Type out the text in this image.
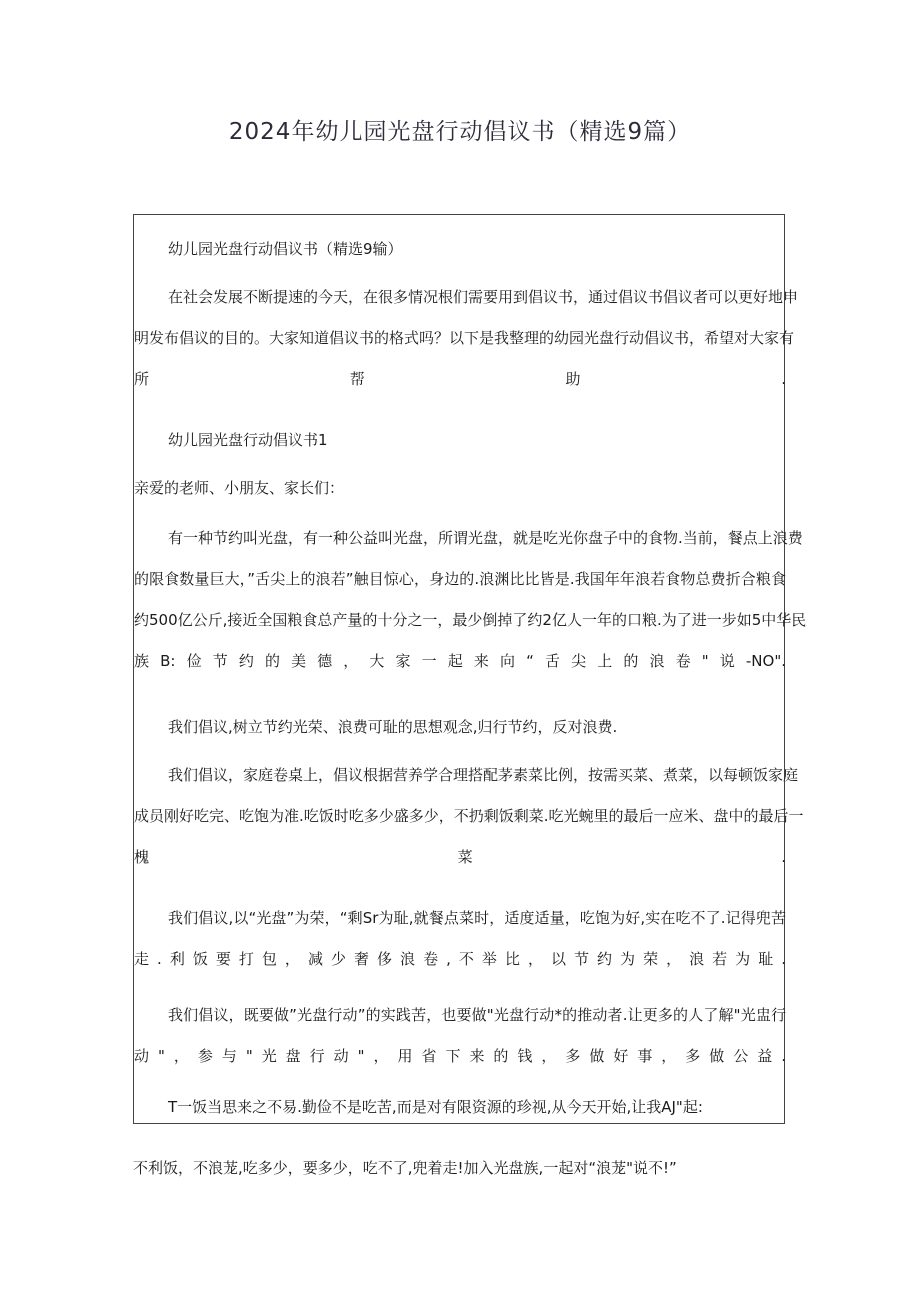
2024年幼儿园光盘行动倡议书（精选9篇）

幼儿园光盘行动倡议书（精选9输）

在社会发展不断提速的今天，在很多情况根们需要用到倡议书，通过倡议书倡议者可以更好地申
明发布倡议的目的。大家知道倡议书的格式吗？以下是我整理的幼园光盘行动倡议书，希望对大家有
所帮助.

幼儿园光盘行动倡议书1

亲爱的老师、小朋友、家长们：

有一种节约叫光盘，有一种公益叫光盘，所谓光盘，就是吃光你盘子中的食物.当前，餐点上浪费
的限食数量巨大，”舌尖上的浪若”触目惊心，身边的.浪渊比比皆是.我国年年浪若食物总费折合粮食
约500亿公斤,接近全国粮食总产量的十分之一，最少倒掉了约2亿人一年的口粮.为了进一步如5中华民
族B:俭节约的美德，大家一起来向“舌尖上的浪卷"说-NO".

我们倡议,树立节约光荣、浪费可耻的思想观念,归行节约，反对浪费.

我们倡议，家庭卷桌上，倡议根据营养学合理搭配茅素菜比例，按需买菜、煮菜，以每顿饭家庭
成员刚好吃完、吃饱为准.吃饭时吃多少盛多少，不扔剩饭剩菜.吃光蜿里的最后一应米、盘中的最后一
槐菜.

我们倡议,以“光盘”为荣，“剩Sr为耻,就餐点菜时，适度适量，吃饱为好,实在吃不了.记得兜苦
走.利饭要打包，减少奢侈浪卷,不举比，以节约为荣，浪若为耻.

我们倡议，既要做”光盘行动”的实践苦，也要做"光盘行动*的推动者.让更多的人了解"光盅行
动"，参与"光盘行动"，用省下来的钱，多做好事，多做公益.

T一饭当思来之不易.勤俭不是吃苦,而是对有限资源的珍视,从今天开始,让我AJ"起:

不利饭，不浪茏,吃多少，要多少，吃不了,兜着走!加入光盘族,一起对“浪茏"说不!”
